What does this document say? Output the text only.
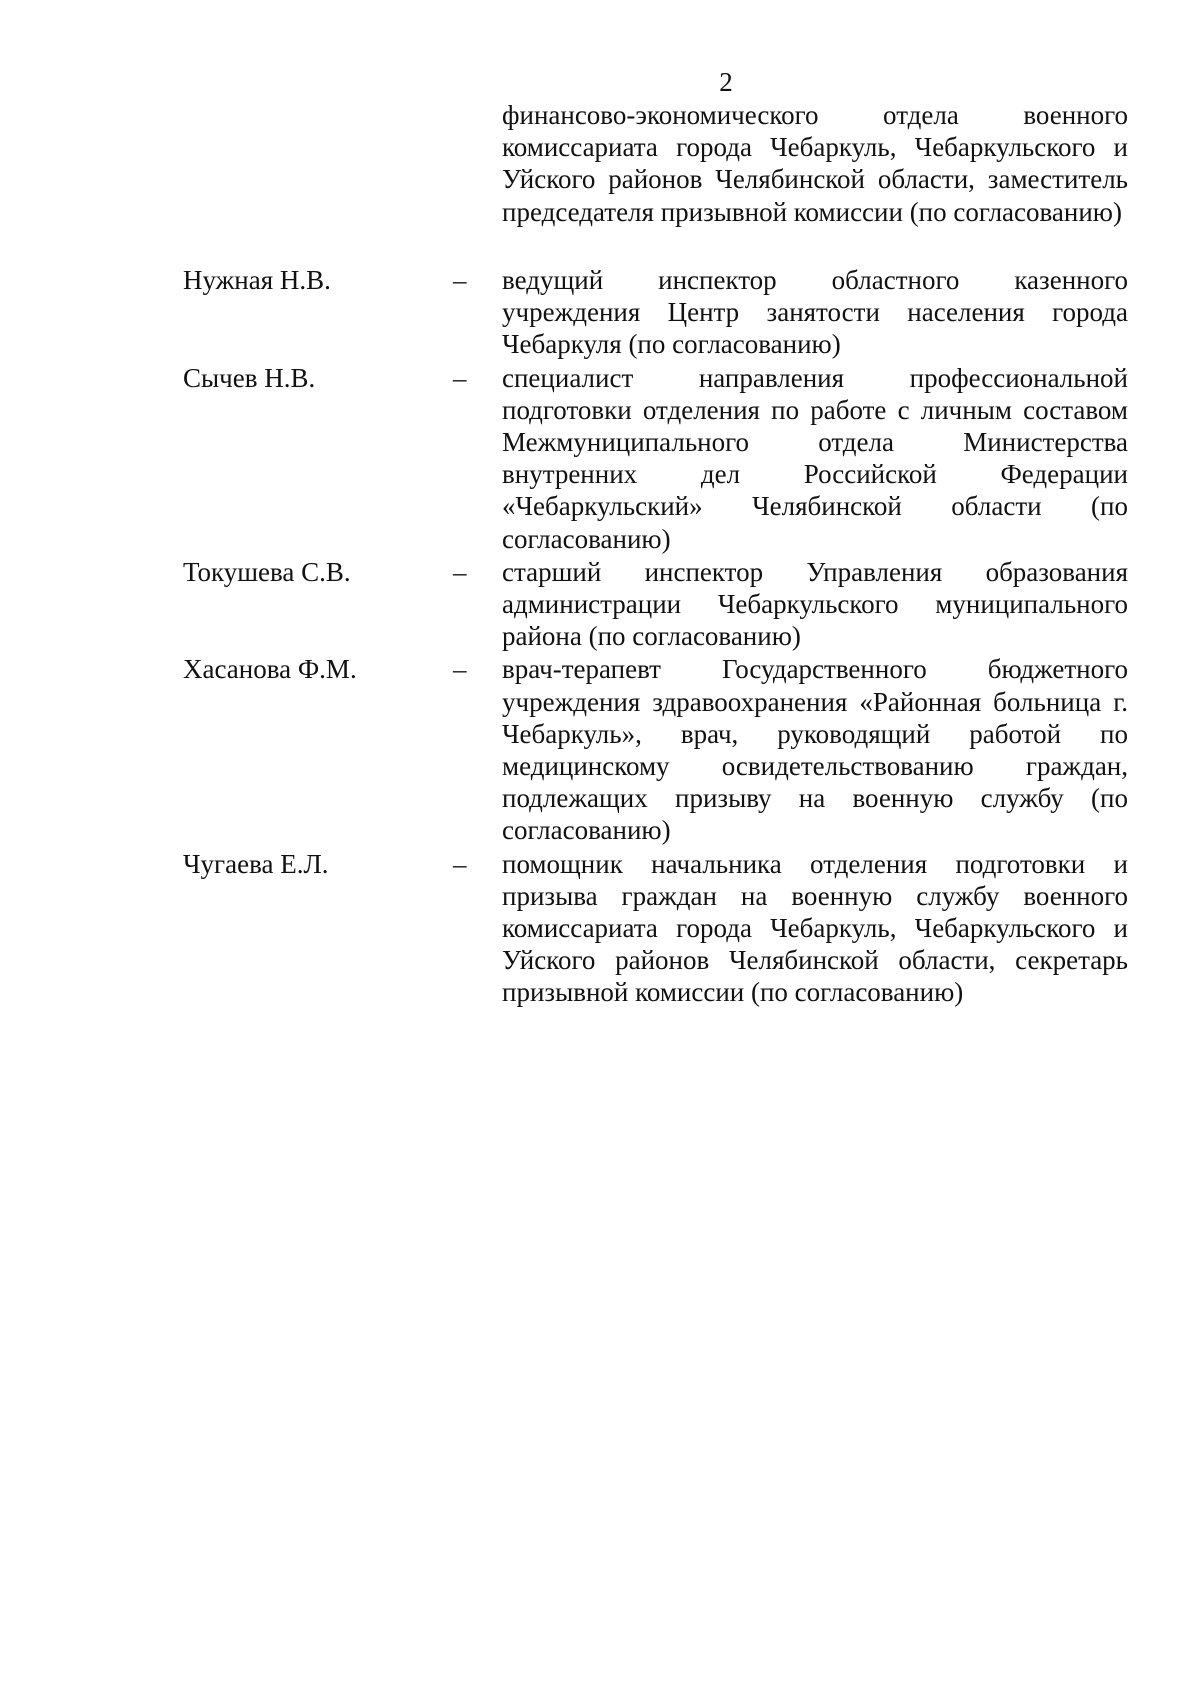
2
финансово-экономического отдела военного комиссариата города Чебаркуль, Чебаркульского и Уйского районов Челябинской области, заместитель председателя призывной комиссии (по согласованию)
Нужная Н.В.	–	ведущий инспектор областного казенного учреждения Центр занятости населения города Чебаркуля (по согласованию)
Сычев Н.В.	–	специалист направления профессиональной подготовки отделения по работе с личным составом Межмуниципального отдела Министерства внутренних дел Российской Федерации «Чебаркульский» Челябинской области (по согласованию)
Токушева С.В.	–	старший инспектор Управления образования администрации Чебаркульского муниципального района (по согласованию)
Хасанова Ф.М.	–	врач-терапевт Государственного бюджетного учреждения здравоохранения «Районная больница г. Чебаркуль», врач, руководящий работой по медицинскому освидетельствованию граждан, подлежащих призыву на военную службу (по согласованию)
Чугаева Е.Л.	–	помощник начальника отделения подготовки и призыва граждан на военную службу военного комиссариата города Чебаркуль, Чебаркульского и Уйского районов Челябинской области, секретарь призывной комиссии (по согласованию)
